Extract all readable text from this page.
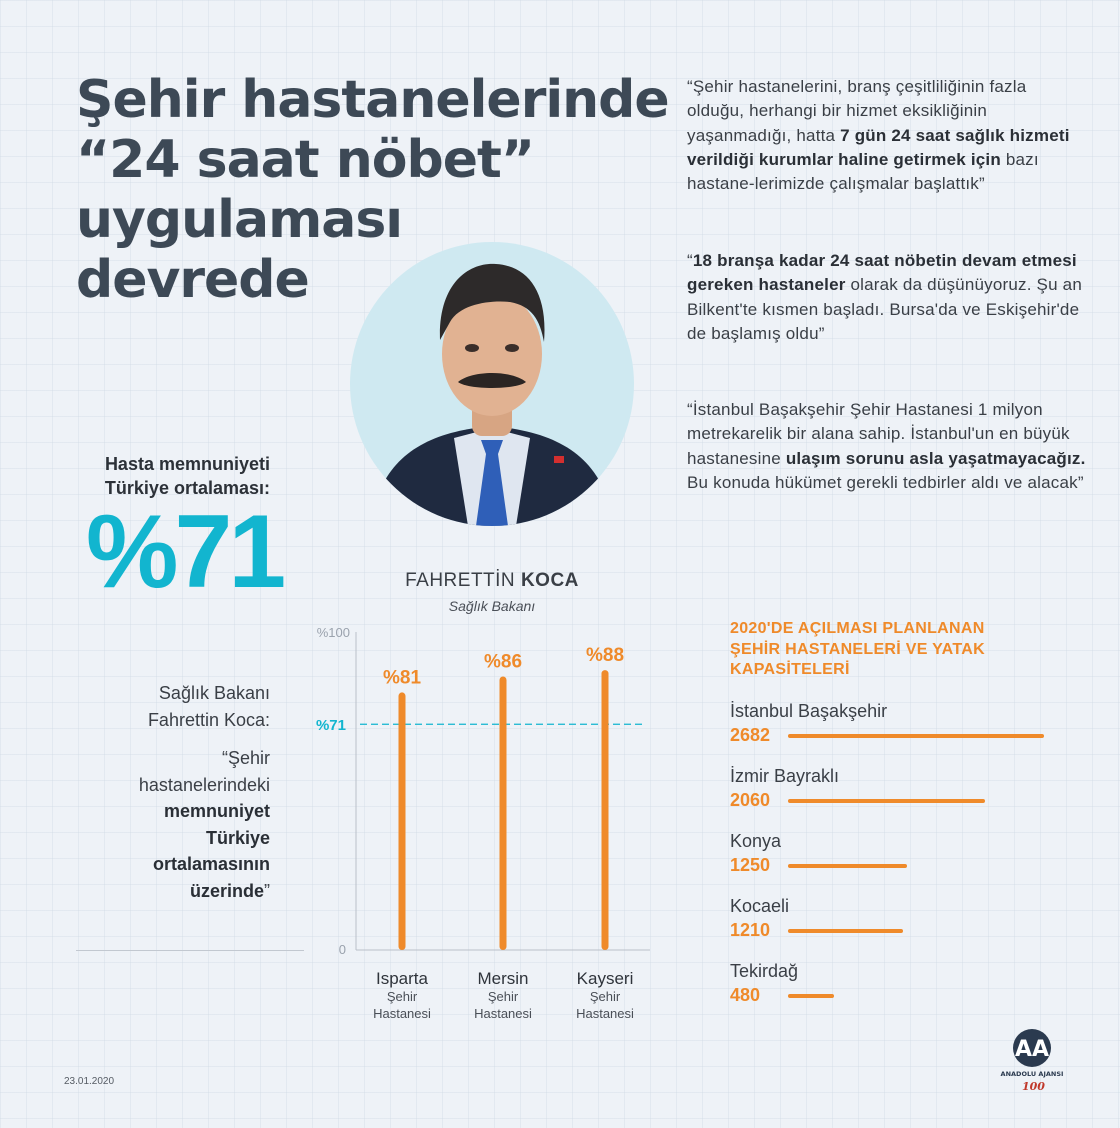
Şehir hastanelerinde
“24 saat nöbet”
uygulaması
devrede
“Şehir hastanelerini, branş çeşitliliğinin fazla olduğu, herhangi bir hizmet eksikliğinin yaşanmadığı, hatta 7 gün 24 saat sağlık hizmeti verildiği kurumlar haline getirmek için bazı hastane-lerimizde çalışmalar başlattık”
“18 branşa kadar 24 saat nöbetin devam etmesi gereken hastaneler olarak da düşünüyoruz. Şu an Bilkent'te kısmen başladı. Bursa'da ve Eskişehir'de de başlamış oldu”
“İstanbul Başakşehir Şehir Hastanesi 1 milyon metrekarelik bir alana sahip. İstanbul'un en büyük hastanesine ulaşım sorunu asla yaşatmayacağız. Bu konuda hükümet gerekli tedbirler aldı ve alacak”
FAHRETTİN KOCA
Sağlık Bakanı
Hasta memnuniyeti
Türkiye ortalaması:
%71
Sağlık Bakanı
Fahrettin Koca:
“Şehir
hastanelerindeki
memnuniyet
Türkiye
ortalamasının
üzerinde”
%100
0
%71
%81
Isparta
Şehir
Hastanesi
%86
Mersin
Şehir
Hastanesi
%88
Kayseri
Şehir
Hastanesi
2020'DE AÇILMASI PLANLANAN
ŞEHİR HASTANELERİ VE YATAK
KAPASİTELERİ
İstanbul Başakşehir
2682
İzmir Bayraklı
2060
Konya
1250
Kocaeli
1210
Tekirdağ
480
23.01.2020
AA
ANADOLU AJANSI
100
